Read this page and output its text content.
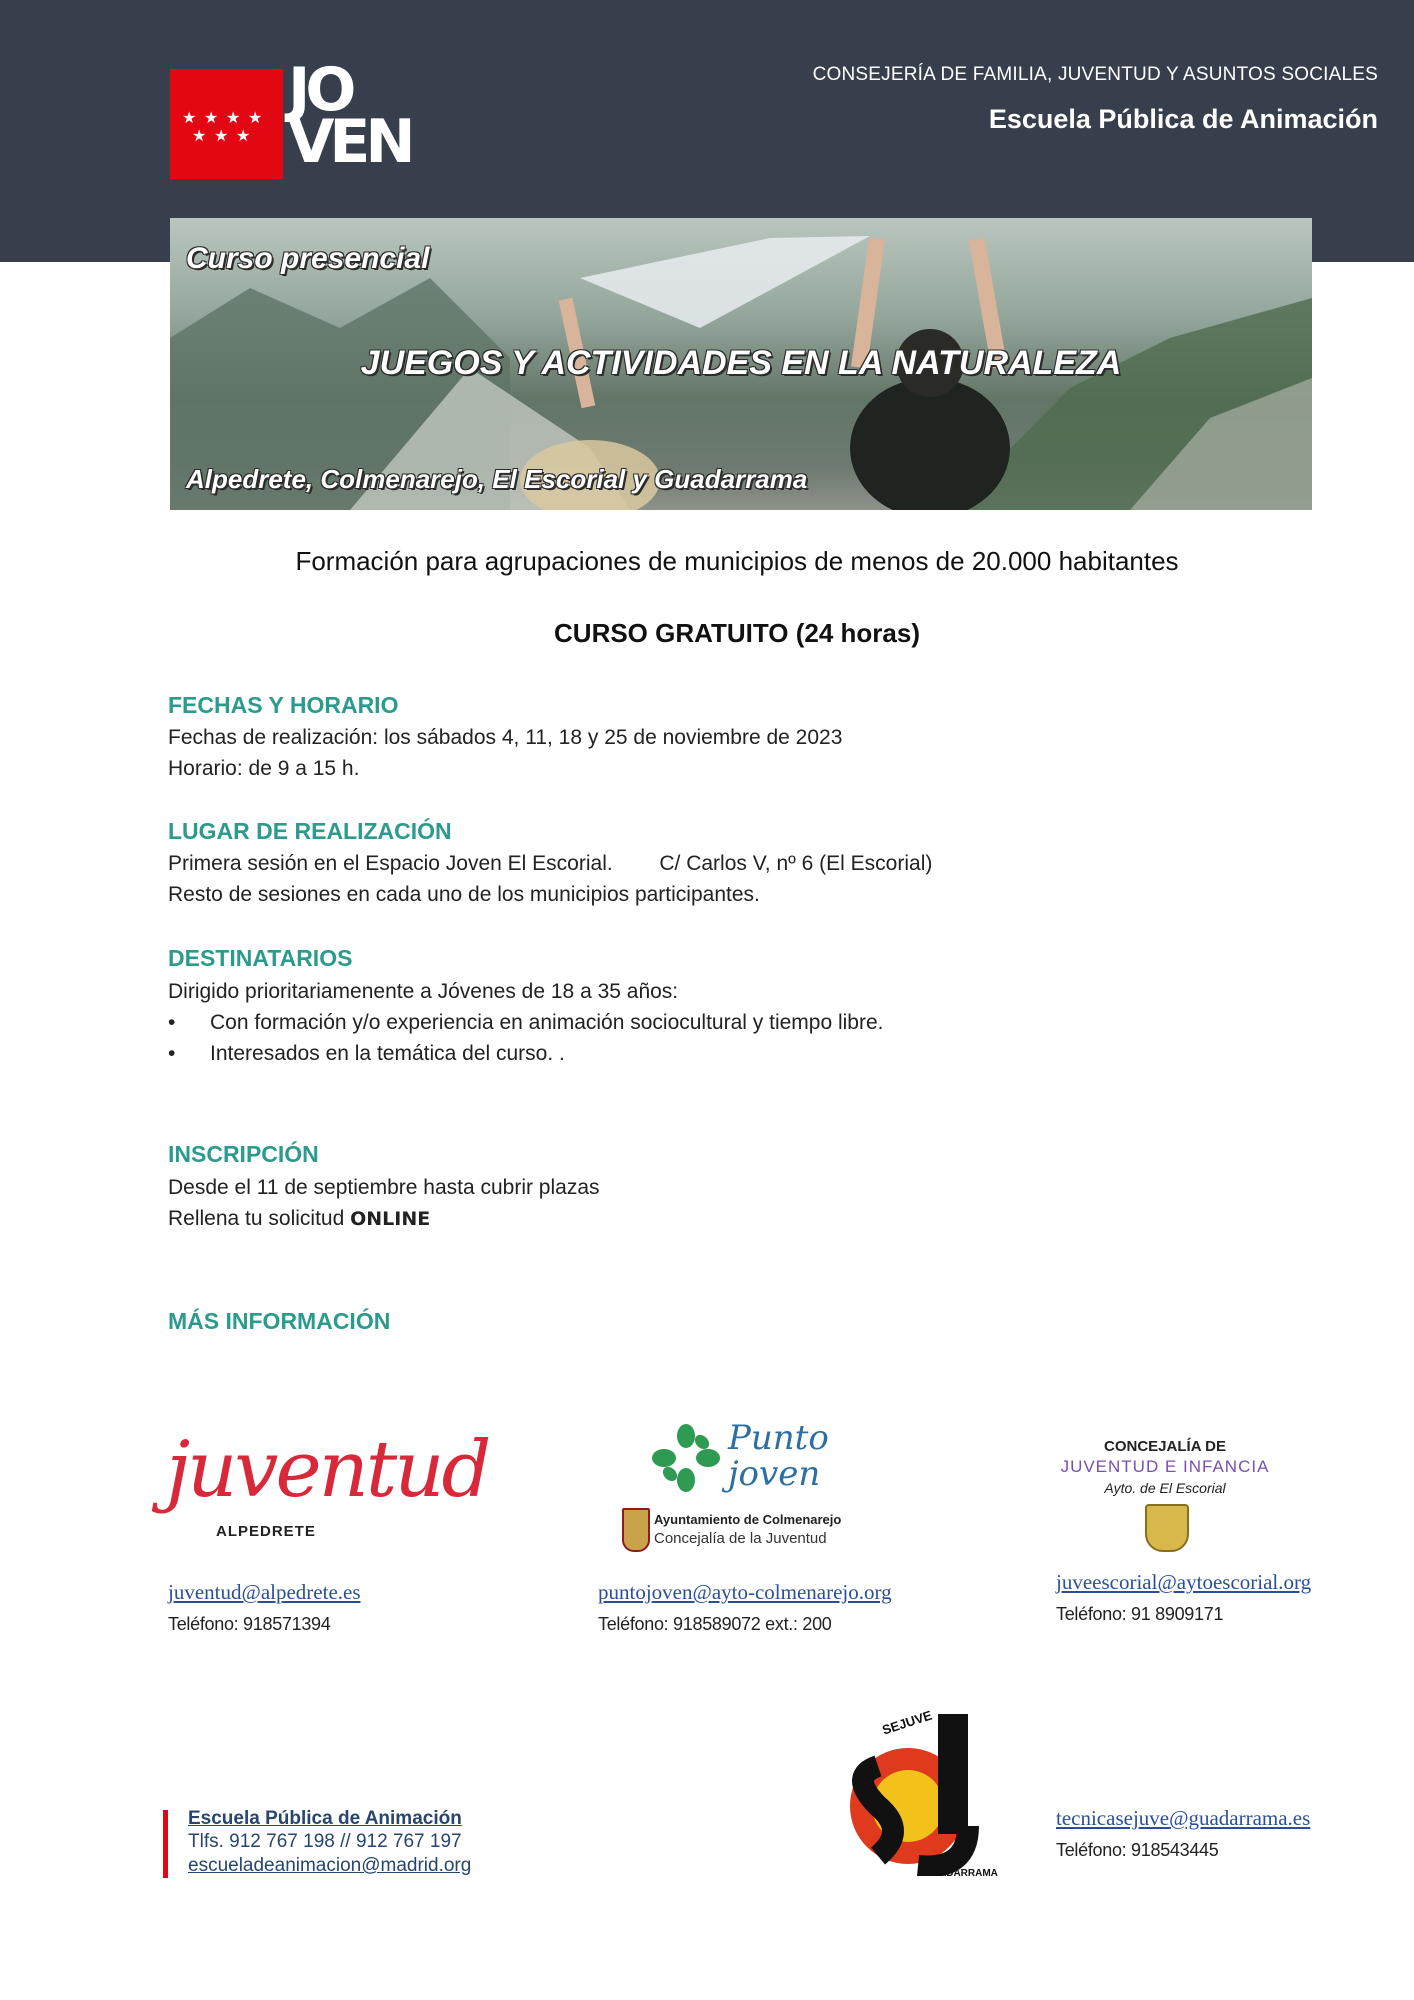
★ ★ ★ ★
★ ★ ★
JO
VEN
CONSEJERÍA DE FAMILIA, JUVENTUD Y ASUNTOS SOCIALES
Escuela Pública de Animación
Curso presencial
JUEGOS Y ACTIVIDADES EN LA NATURALEZA
Alpedrete, Colmenarejo, El Escorial y Guadarrama
Formación para agrupaciones de municipios de menos de 20.000 habitantes
CURSO GRATUITO (24 horas)
FECHAS Y HORARIO
Fechas de realización: los sábados 4, 11, 18 y 25 de noviembre de 2023
Horario: de 9 a 15 h.
LUGAR DE REALIZACIÓN
Primera sesión en el Espacio Joven El Escorial.        C/ Carlos V, nº 6 (El Escorial)
Resto de sesiones en cada uno de los municipios participantes.
DESTINATARIOS
Dirigido prioritariamenente a Jóvenes de 18 a 35 años:
• Con formación y/o experiencia en animación sociocultural y tiempo libre.
• Interesados en la temática del curso. .
INSCRIPCIÓN
Desde el 11 de septiembre hasta cubrir plazas
Rellena tu solicitud ONLINE
MÁS INFORMACIÓN
juventud
ALPEDRETE
juventud@alpedrete.es
Teléfono: 918571394
Punto
joven
Ayuntamiento de Colmenarejo
Concejalía de la Juventud
puntojoven@ayto-colmenarejo.org
Teléfono: 918589072 ext.: 200
CONCEJALÍA DE
JUVENTUD E INFANCIA
Ayto. de El Escorial
juveescorial@aytoescorial.org
Teléfono: 91 8909171
SEJUVE
GUADARRAMA
tecnicasejuve@guadarrama.es
Teléfono: 918543445
Escuela Pública de Animación
Tlfs. 912 767 198 // 912 767 197
escueladeanimacion@madrid.org
